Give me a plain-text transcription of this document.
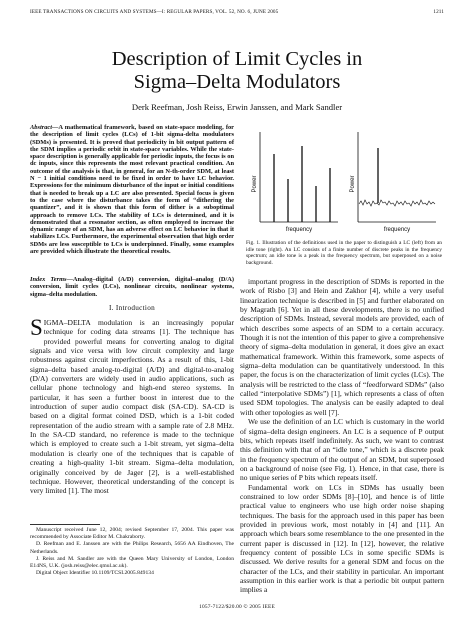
IEEE TRANSACTIONS ON CIRCUITS AND SYSTEMS—I: REGULAR PAPERS, VOL. 52, NO. 6, JUNE 2005	1211
Description of Limit Cycles in
Sigma–Delta Modulators
Derk Reefman, Josh Reiss, Erwin Janssen, and Mark Sandler
Abstract—A mathematical framework, based on state-space modeling, for the description of limit cycles (LCs) of 1-bit sigma-delta modulators (SDMs) is presented. It is proved that periodicity in bit output pattern of the SDM implies a periodic orbit in state-space variables. While the state-space description is generally applicable for periodic inputs, the focus is on dc inputs, since this represents the most relevant practical condition. An outcome of the analysis is that, in general, for an N-th-order SDM, at least N − 1 initial conditions need to be fixed in order to have LC behavior. Expressions for the minimum disturbance of the input or initial conditions that is needed to break up a LC are also presented. Special focus is given to the case where the disturbance takes the form of “dithering the quantizer”, and it is shown that this form of dither is a suboptimal approach to remove LCs. The stability of LCs is determined, and it is demonstrated that a resonator section, as often employed to increase the dynamic range of an SDM, has an adverse effect on LC behavior in that it stabilizes LCs. Furthermore, the experimental observation that high order SDMs are less susceptible to LCs is underpinned. Finally, some examples are provided which illustrate the theoretical results.
Index Terms—Analog–digital (A/D) conversion, digital–analog (D/A) conversion, limit cycles (LCs), nonlinear circuits, nonlinear systems, sigma–delta modulation.
I. Introduction
SIGMA–DELTA modulation is an increasingly popular technique for coding data streams [1]. The technique has provided powerful means for converting analog to digital signals and vice versa with low circuit complexity and large robustness against circuit imperfections. As a result of this, 1-bit sigma–delta based analog-to-digital (A/D) and digital-to-analog (D/A) converters are widely used in audio applications, such as cellular phone technology and high-end stereo systems. In particular, it has seen a further boost in interest due to the introduction of super audio compact disk (SA-CD). SA-CD is based on a digital format coined DSD, which is a 1-bit coded representation of the audio stream with a sample rate of 2.8 MHz. In the SA-CD standard, no reference is made to the technique which is employed to create such a 1-bit stream, yet sigma–delta modulation is clearly one of the techniques that is capable of creating a high-quality 1-bit stream. Sigma–delta modulation, originally conceived by de Jager [2], is a well-established technique. However, theoretical understanding of the concept is very limited [1]. The most

Manuscript received June 12, 2004; revised September 17, 2004. This paper was recommended by Associate Editor M. Chakraborty.

D. Reefman and E. Janssen are with the Philips Research, 5656 AA Eindhoven, The Netherlands.

J. Reiss and M. Sandler are with the Queen Mary University of London, London E14NS, U.K. (josh.reiss@elec.qmul.ac.uk).

Digital Object Identifier 10.1109/TCSI.2005.849134

Power
frequency
Power
frequency
Fig. 1. Illustration of the definitions used in the paper to distinguish a LC (left) from an idle tone (right). An LC consists of a finite number of discrete peaks in the frequency spectrum; an idle tone is a peak in the frequency spectrum, but superposed on a noise background.

important progress in the description of SDMs is reported in the work of Risbo [3] and Hein and Zakhor [4], while a very useful linearization technique is described in [5] and further elaborated on by Magrath [6]. Yet in all these developments, there is no unified description of SDMs. Instead, several models are provided, each of which describes some aspects of an SDM to a certain accuracy. Though it is not the intention of this paper to give a comprehensive theory of sigma–delta modulation in general, it does give an exact mathematical framework. Within this framework, some aspects of sigma–delta modulation can be quantitatively understood. In this paper, the focus is on the characterization of limit cycles (LCs). The analysis will be restricted to the class of “feedforward SDMs” (also called “interpolative SDMs”) [1], which represents a class of often used SDM topologies. The analysis can be easily adapted to deal with other topologies as well [7].

We use the definition of an LC which is customary in the world of sigma–delta design engineers. An LC is a sequence of P output bits, which repeats itself indefinitely. As such, we want to contrast this definition with that of an “idle tone,” which is a discrete peak in the frequency spectrum of the output of an SDM, but superposed on a background of noise (see Fig. 1). Hence, in that case, there is no unique series of P bits which repeats itself.

Fundamental work on LCs in SDMs has usually been constrained to low order SDMs [8]–[10], and hence is of little practical value to engineers who use high order noise shaping techniques. The basis for the approach used in this paper has been provided in previous work, most notably in [4] and [11]. An approach which bears some resemblance to the one presented in the current paper is discussed in [12]. In [12], however, the relative frequency content of possible LCs in some specific SDMs is discussed. We derive results for a general SDM and focus on the character of the LCs, and their stability in particular. An important assumption in this earlier work is that a periodic bit output pattern implies a

1057-7122/$20.00 © 2005 IEEE
